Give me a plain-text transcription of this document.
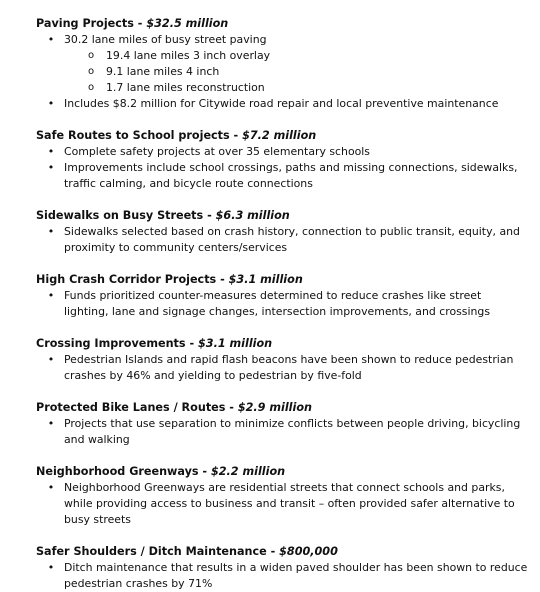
Paving Projects - $32.5 million

• 30.2 lane miles of busy street paving
o 19.4 lane miles 3 inch overlay
o 9.1 lane miles 4 inch
o 1.7 lane miles reconstruction
• Includes $8.2 million for Citywide road repair and local preventive maintenance

Safe Routes to School projects - $7.2 million

• Complete safety projects at over 35 elementary schools
• Improvements include school crossings, paths and missing connections, sidewalks, traffic calming, and bicycle route connections

Sidewalks on Busy Streets - $6.3 million

• Sidewalks selected based on crash history, connection to public transit, equity, and proximity to community centers/services

High Crash Corridor Projects - $3.1 million

• Funds prioritized counter-measures determined to reduce crashes like street lighting, lane and signage changes, intersection improvements, and crossings

Crossing Improvements - $3.1 million

• Pedestrian Islands and rapid flash beacons have been shown to reduce pedestrian crashes by 46% and yielding to pedestrian by five-fold

Protected Bike Lanes / Routes - $2.9 million

• Projects that use separation to minimize conflicts between people driving, bicycling and walking

Neighborhood Greenways - $2.2 million

• Neighborhood Greenways are residential streets that connect schools and parks, while providing access to business and transit – often provided safer alternative to busy streets

Safer Shoulders / Ditch Maintenance - $800,000

• Ditch maintenance that results in a widen paved shoulder has been shown to reduce pedestrian crashes by 71%
